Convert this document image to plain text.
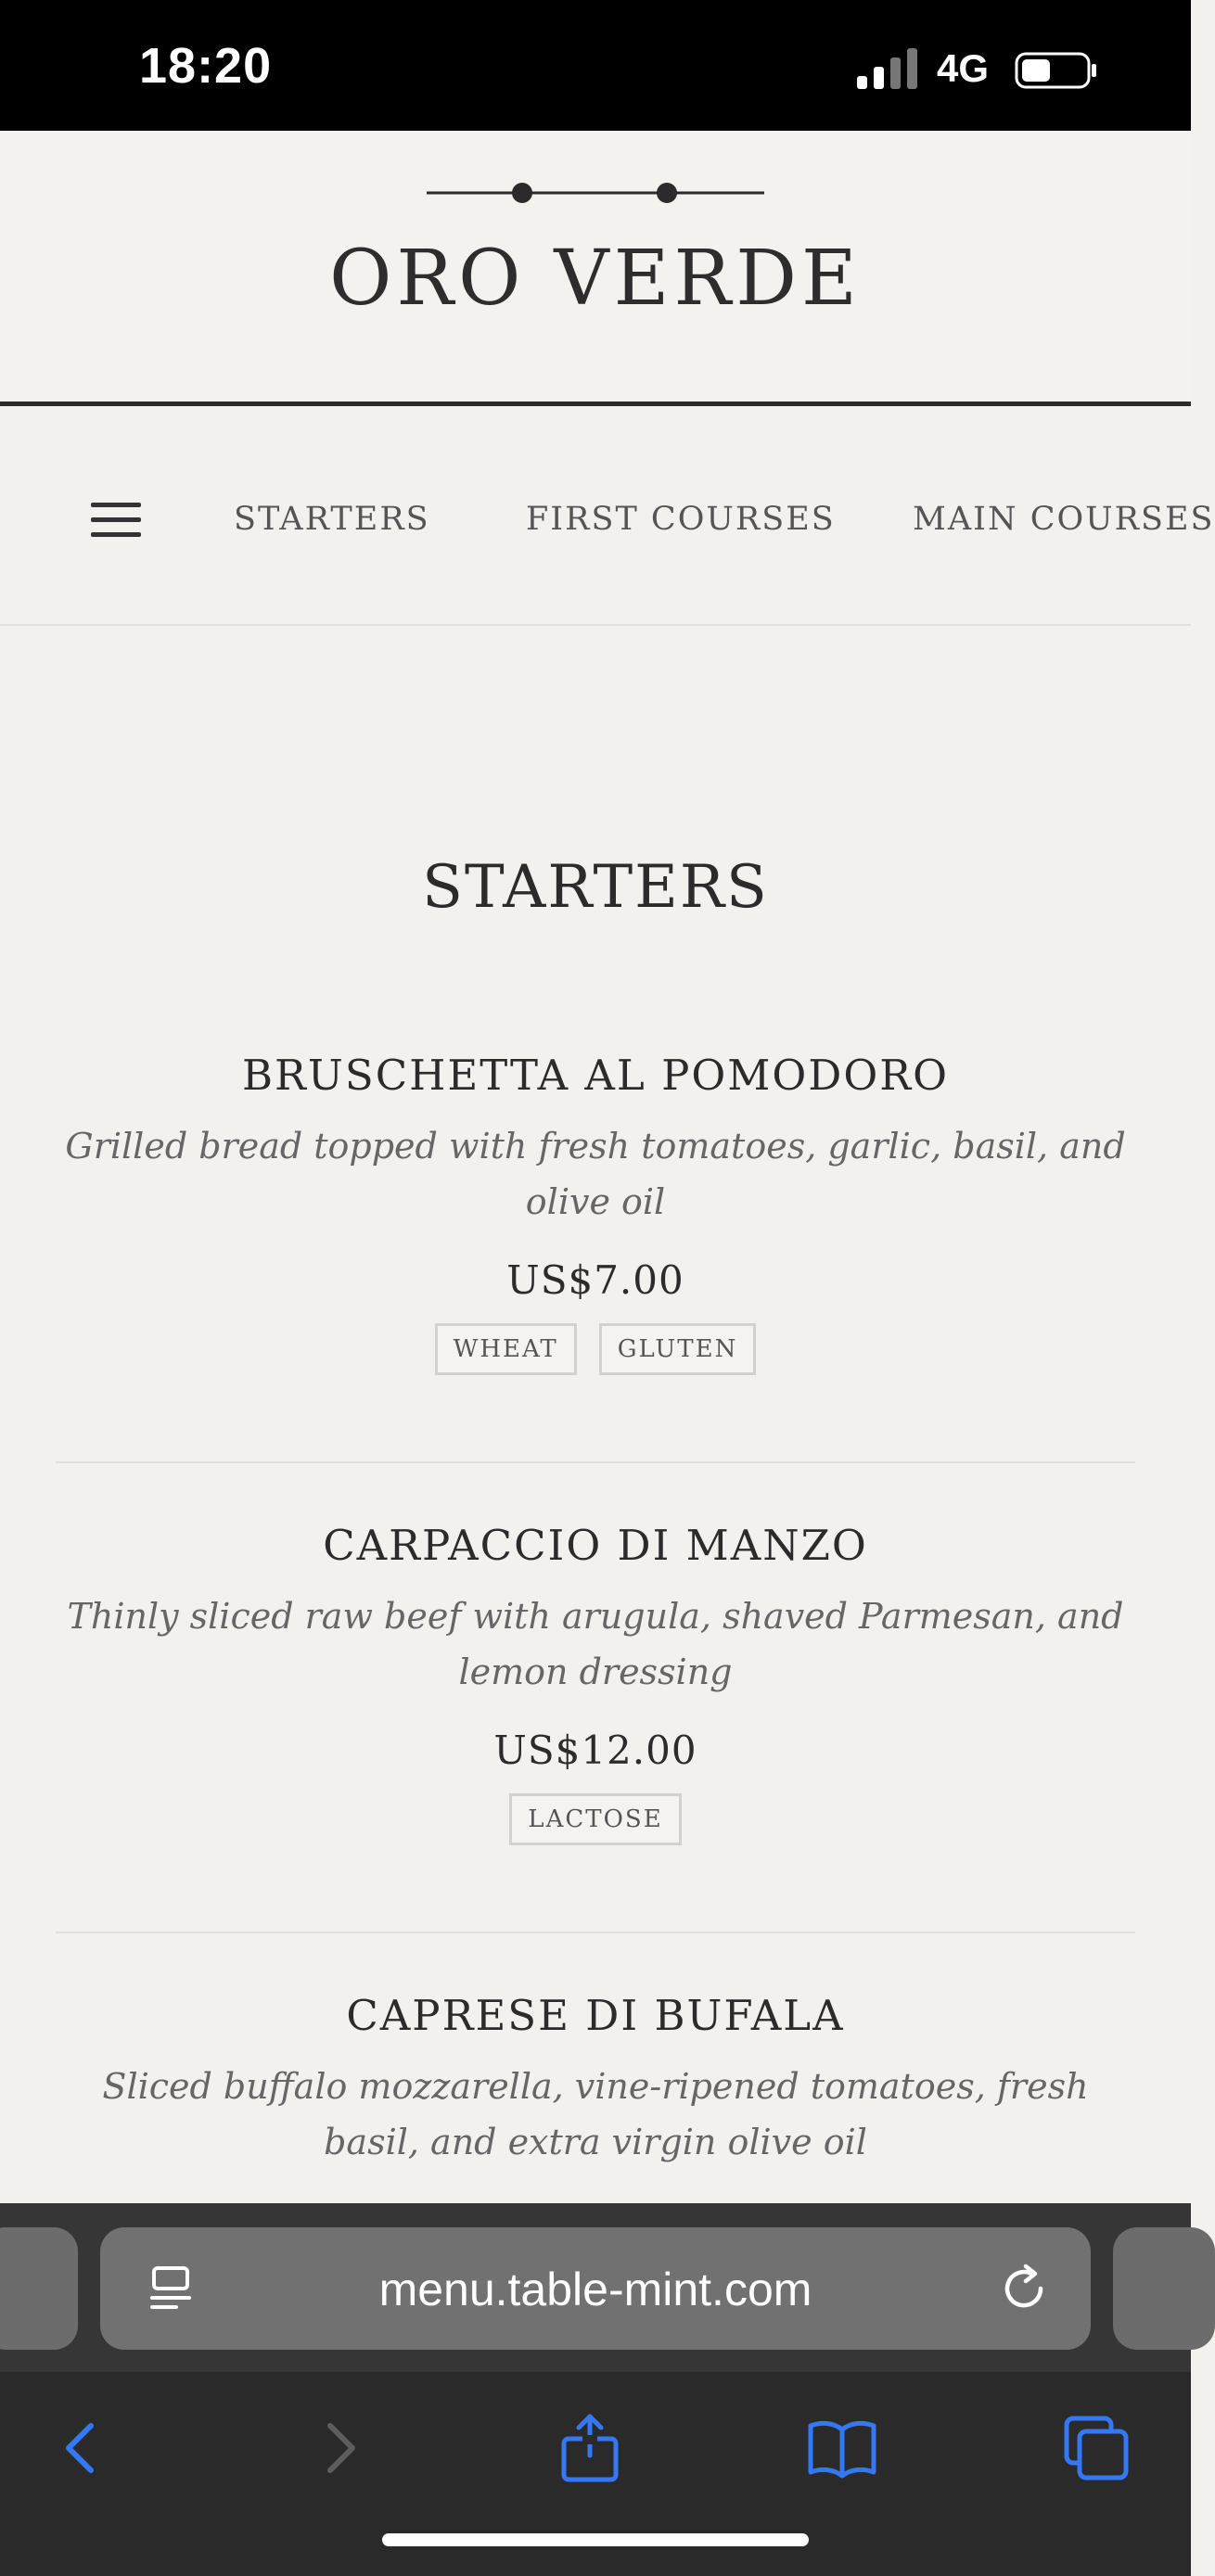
18:20	4G
ORO VERDE
STARTERS	FIRST COURSES MAIN COURSES
STARTERS
BRUSCHETTA AL POMODORO
Grilled bread topped with fresh tomatoes, garlic, basil, and olive oil
US$7.00
WHEAT	GLUTEN
CARPACCIO DI MANZO
Thinly sliced raw beef with arugula, shaved Parmesan, and lemon dressing
US$12.00
LACTOSE
CAPRESE DI BUFALA
Sliced buffalo mozzarella, vine-ripened tomatoes, fresh basil, and extra virgin olive oil
menu.table-mint.com
